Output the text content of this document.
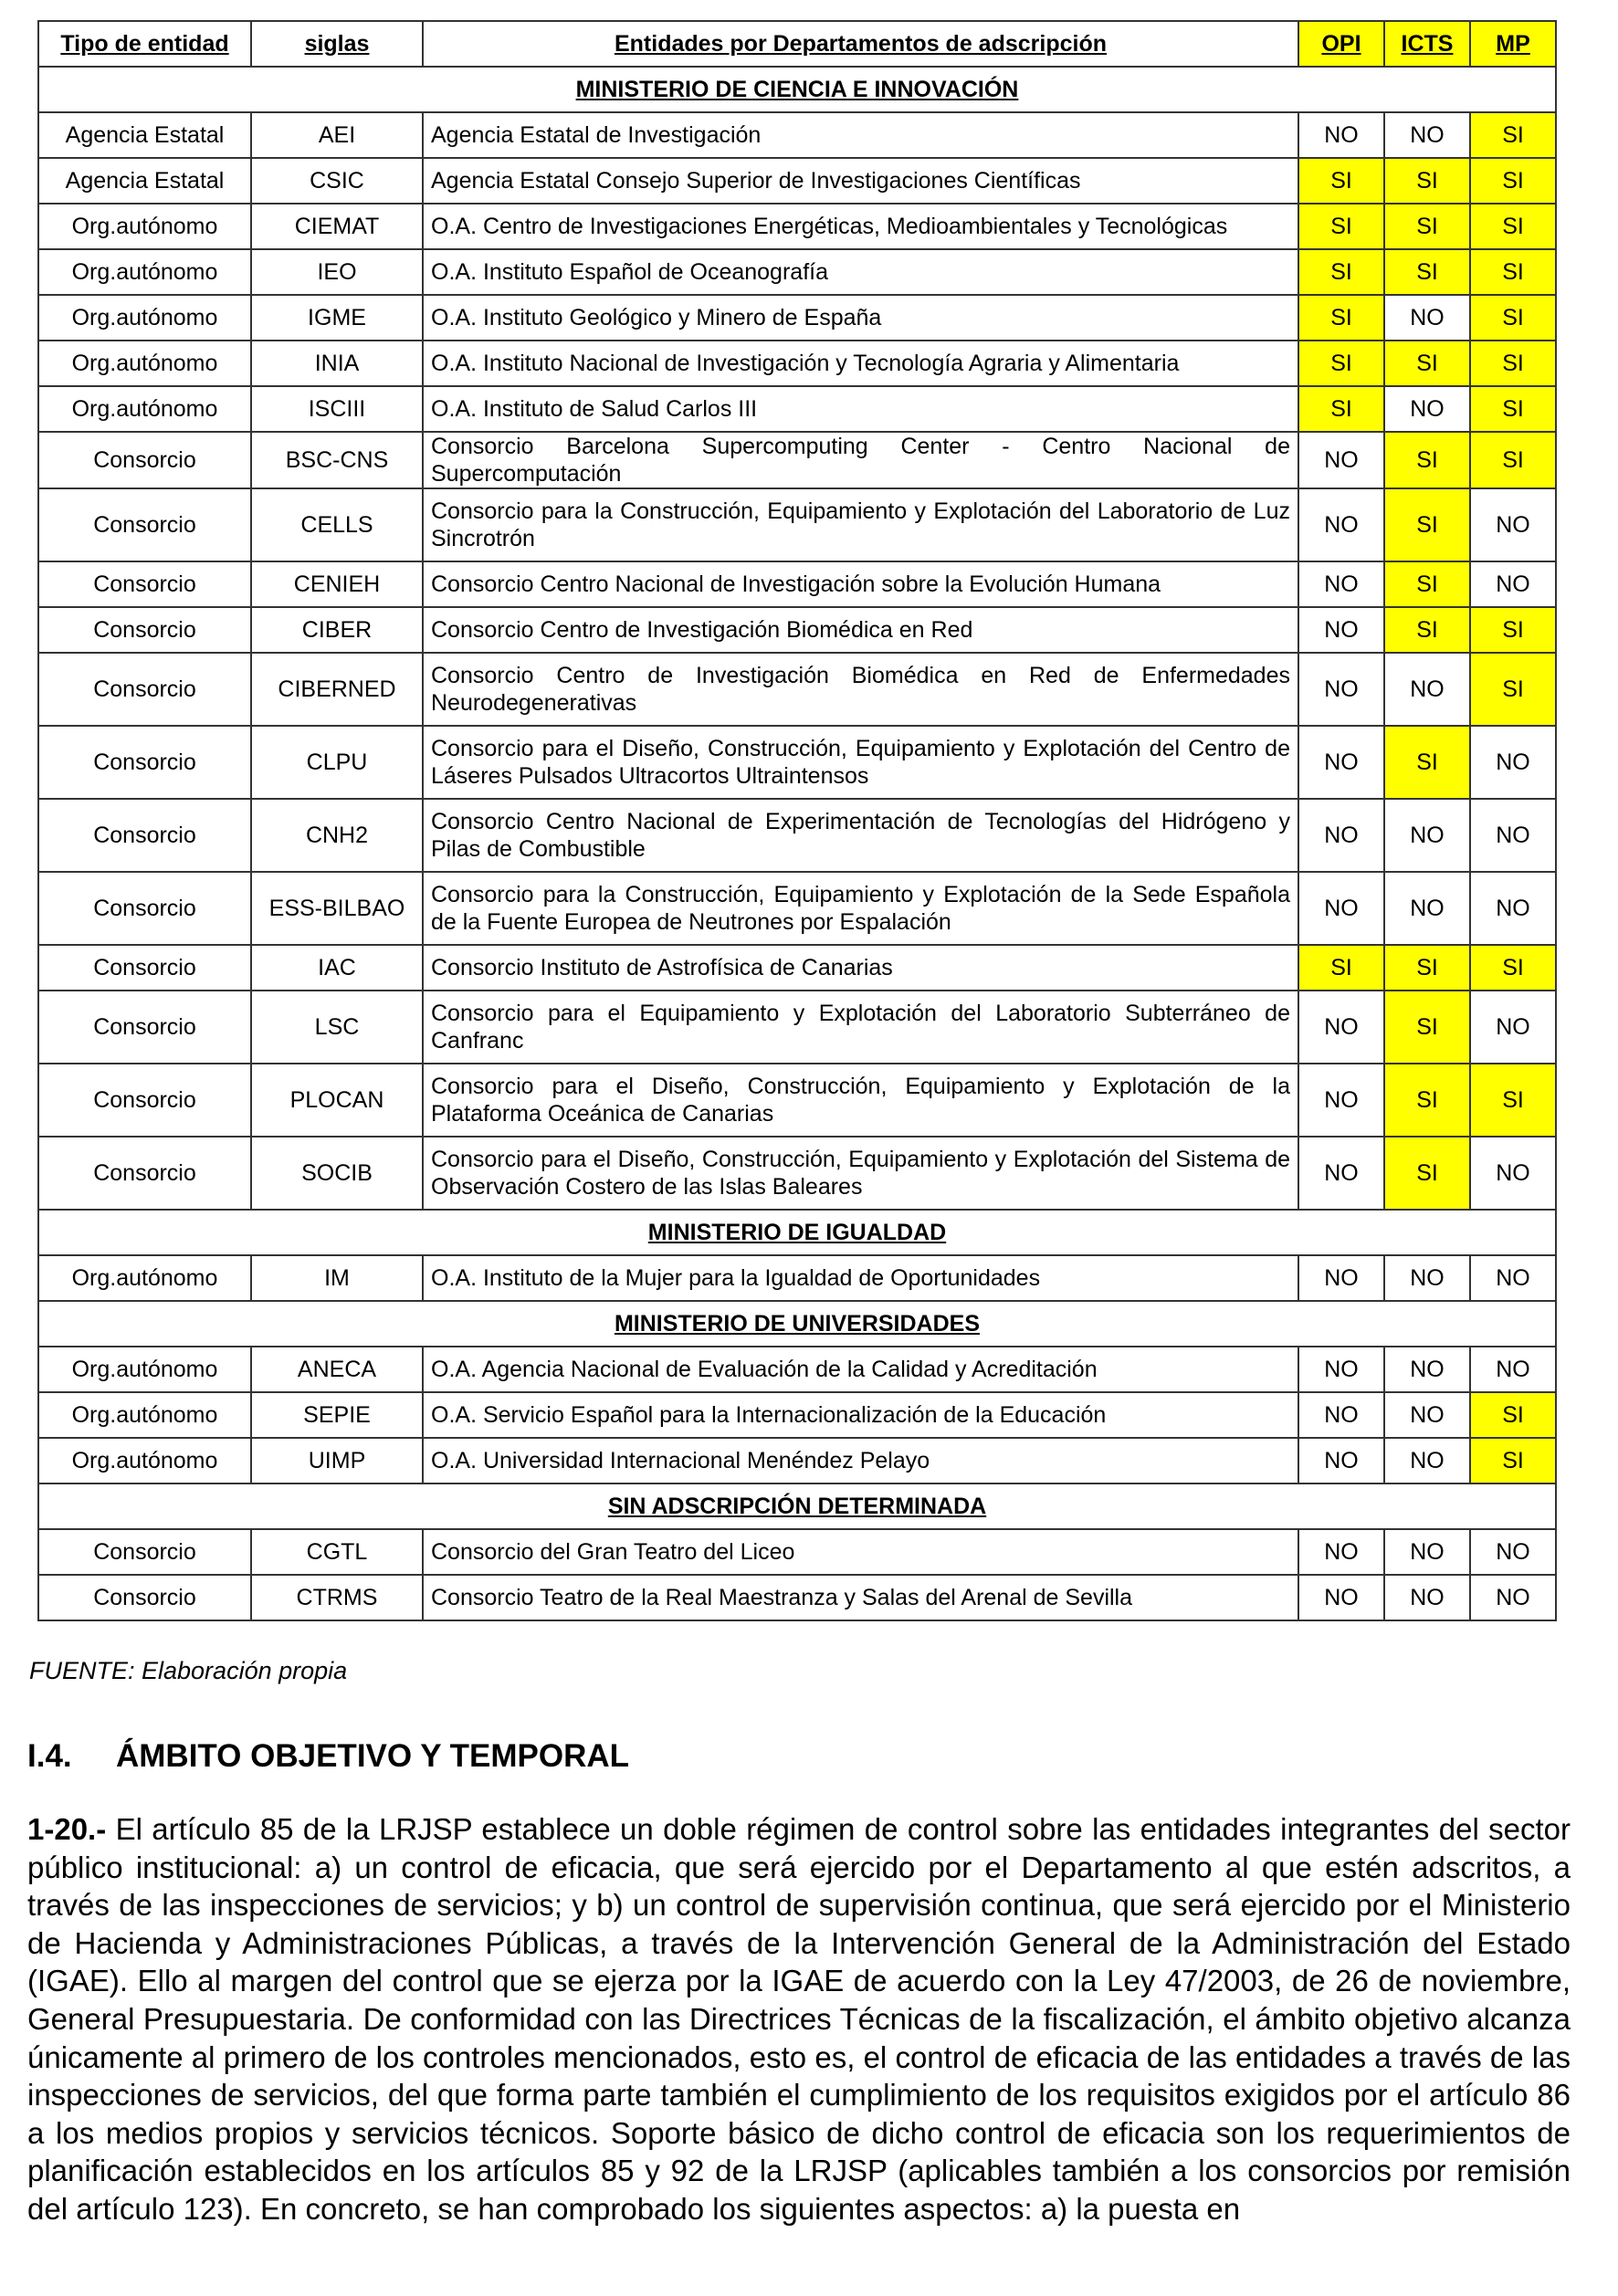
Tipo de entidad	siglas	Entidades por Departamentos de adscripción	OPI	ICTS	MP
MINISTERIO DE CIENCIA E INNOVACIÓN					
Agencia Estatal	AEI	Agencia Estatal de Investigación	NO	NO	SI
Agencia Estatal	CSIC	Agencia Estatal Consejo Superior de Investigaciones Científicas	SI	SI	SI
Org.autónomo	CIEMAT	O.A. Centro de Investigaciones Energéticas, Medioambientales y Tecnológicas	SI	SI	SI
Org.autónomo	IEO	O.A. Instituto Español de Oceanografía	SI	SI	SI
Org.autónomo	IGME	O.A. Instituto Geológico y Minero de España	SI	NO	SI
Org.autónomo	INIA	O.A. Instituto Nacional de Investigación y Tecnología Agraria y Alimentaria	SI	SI	SI
Org.autónomo	ISCIII	O.A. Instituto de Salud Carlos III	SI	NO	SI
Consorcio	BSC-CNS	Consorcio Barcelona Supercomputing Center - Centro Nacional de Supercomputación	NO	SI	SI
Consorcio	CELLS	Consorcio para la Construcción, Equipamiento y Explotación del Laboratorio de Luz Sincrotrón	NO	SI	NO
Consorcio	CENIEH	Consorcio Centro Nacional de Investigación sobre la Evolución Humana	NO	SI	NO
Consorcio	CIBER	Consorcio Centro de Investigación Biomédica en Red	NO	SI	SI
Consorcio	CIBERNED	Consorcio Centro de Investigación Biomédica en Red de Enfermedades Neurodegenerativas	NO	NO	SI
Consorcio	CLPU	Consorcio para el Diseño, Construcción, Equipamiento y Explotación del Centro de Láseres Pulsados Ultracortos Ultraintensos	NO	SI	NO
Consorcio	CNH2	Consorcio Centro Nacional de Experimentación de Tecnologías del Hidrógeno y Pilas de Combustible	NO	NO	NO
Consorcio	ESS-BILBAO	Consorcio para la Construcción, Equipamiento y Explotación de la Sede Española de la Fuente Europea de Neutrones por Espalación	NO	NO	NO
Consorcio	IAC	Consorcio Instituto de Astrofísica de Canarias	SI	SI	SI
Consorcio	LSC	Consorcio para el Equipamiento y Explotación del Laboratorio Subterráneo de Canfranc	NO	SI	NO
Consorcio	PLOCAN	Consorcio para el Diseño, Construcción, Equipamiento y Explotación de la Plataforma Oceánica de Canarias	NO	SI	SI
Consorcio	SOCIB	Consorcio para el Diseño, Construcción, Equipamiento y Explotación del Sistema de Observación Costero de las Islas Baleares	NO	SI	NO
MINISTERIO DE IGUALDAD					
Org.autónomo	IM	O.A. Instituto de la Mujer para la Igualdad de Oportunidades	NO	NO	NO
MINISTERIO DE UNIVERSIDADES					
Org.autónomo	ANECA	O.A. Agencia Nacional de Evaluación de la Calidad y Acreditación	NO	NO	NO
Org.autónomo	SEPIE	O.A. Servicio Español para la Internacionalización de la Educación	NO	NO	SI
Org.autónomo	UIMP	O.A. Universidad Internacional Menéndez Pelayo	NO	NO	SI
SIN ADSCRIPCIÓN DETERMINADA					
Consorcio	CGTL	Consorcio del Gran Teatro del Liceo	NO	NO	NO
Consorcio	CTRMS	Consorcio Teatro de la Real Maestranza y Salas del Arenal de Sevilla	NO	NO	NO
FUENTE: Elaboración propia
I.4. ÁMBITO OBJETIVO Y TEMPORAL
1-20.- El artículo 85 de la LRJSP establece un doble régimen de control sobre las entidades integrantes del sector público institucional: a) un control de eficacia, que será ejercido por el Departamento al que estén adscritos, a través de las inspecciones de servicios; y b) un control de supervisión continua, que será ejercido por el Ministerio de Hacienda y Administraciones Públicas, a través de la Intervención General de la Administración del Estado (IGAE). Ello al margen del control que se ejerza por la IGAE de acuerdo con la Ley 47/2003, de 26 de noviembre, General Presupuestaria. De conformidad con las Directrices Técnicas de la fiscalización, el ámbito objetivo alcanza únicamente al primero de los controles mencionados, esto es, el control de eficacia de las entidades a través de las inspecciones de servicios, del que forma parte también el cumplimiento de los requisitos exigidos por el artículo 86 a los medios propios y servicios técnicos. Soporte básico de dicho control de eficacia son los requerimientos de planificación establecidos en los artículos 85 y 92 de la LRJSP (aplicables también a los consorcios por remisión del artículo 123). En concreto, se han comprobado los siguientes aspectos: a) la puesta en
